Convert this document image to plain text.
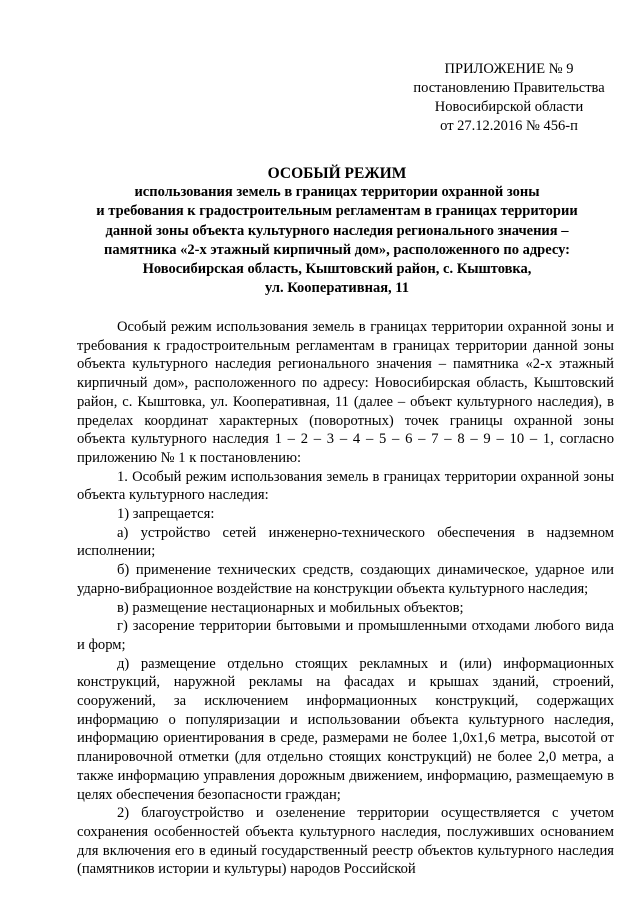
ПРИЛОЖЕНИЕ № 9
постановлению Правительства
Новосибирской области
от 27.12.2016 № 456-п
ОСОБЫЙ РЕЖИМ
использования земель в границах территории охранной зоны
и требования к градостроительным регламентам в границах территории
данной зоны объекта культурного наследия регионального значения –
памятника «2-х этажный кирпичный дом», расположенного по адресу:
Новосибирская область, Кыштовский район, с. Кыштовка,
ул. Кооперативная, 11

Особый режим использования земель в границах территории охранной зоны и требования к градостроительным регламентам в границах территории данной зоны объекта культурного наследия регионального значения – памятника «2-х этажный кирпичный дом», расположенного по адресу: Новосибирская область, Кыштовский район, с. Кыштовка, ул. Кооперативная, 11 (далее – объект культурного наследия), в пределах координат характерных (поворотных) точек границы охранной зоны объекта культурного наследия 1 – 2 – 3 – 4 – 5 – 6 – 7 – 8 – 9 – 10 – 1, согласно приложению № 1 к постановлению:

1. Особый режим использования земель в границах территории охранной зоны объекта культурного наследия:

1) запрещается:

а) устройство сетей инженерно-технического обеспечения в надземном исполнении;

б) применение технических средств, создающих динамическое, ударное или ударно-вибрационное воздействие на конструкции объекта культурного наследия;

в) размещение нестационарных и мобильных объектов;

г) засорение территории бытовыми и промышленными отходами любого вида и форм;

д) размещение отдельно стоящих рекламных и (или) информационных конструкций, наружной рекламы на фасадах и крышах зданий, строений, сооружений, за исключением информационных конструкций, содержащих информацию о популяризации и использовании объекта культурного наследия, информацию ориентирования в среде, размерами не более 1,0х1,6 метра, высотой от планировочной отметки (для отдельно стоящих конструкций) не более 2,0 метра, а также информацию управления дорожным движением, информацию, размещаемую в целях обеспечения безопасности граждан;

2) благоустройство и озеленение территории осуществляется с учетом сохранения особенностей объекта культурного наследия, послуживших основанием для включения его в единый государственный реестр объектов культурного наследия (памятников истории и культуры) народов Российской
